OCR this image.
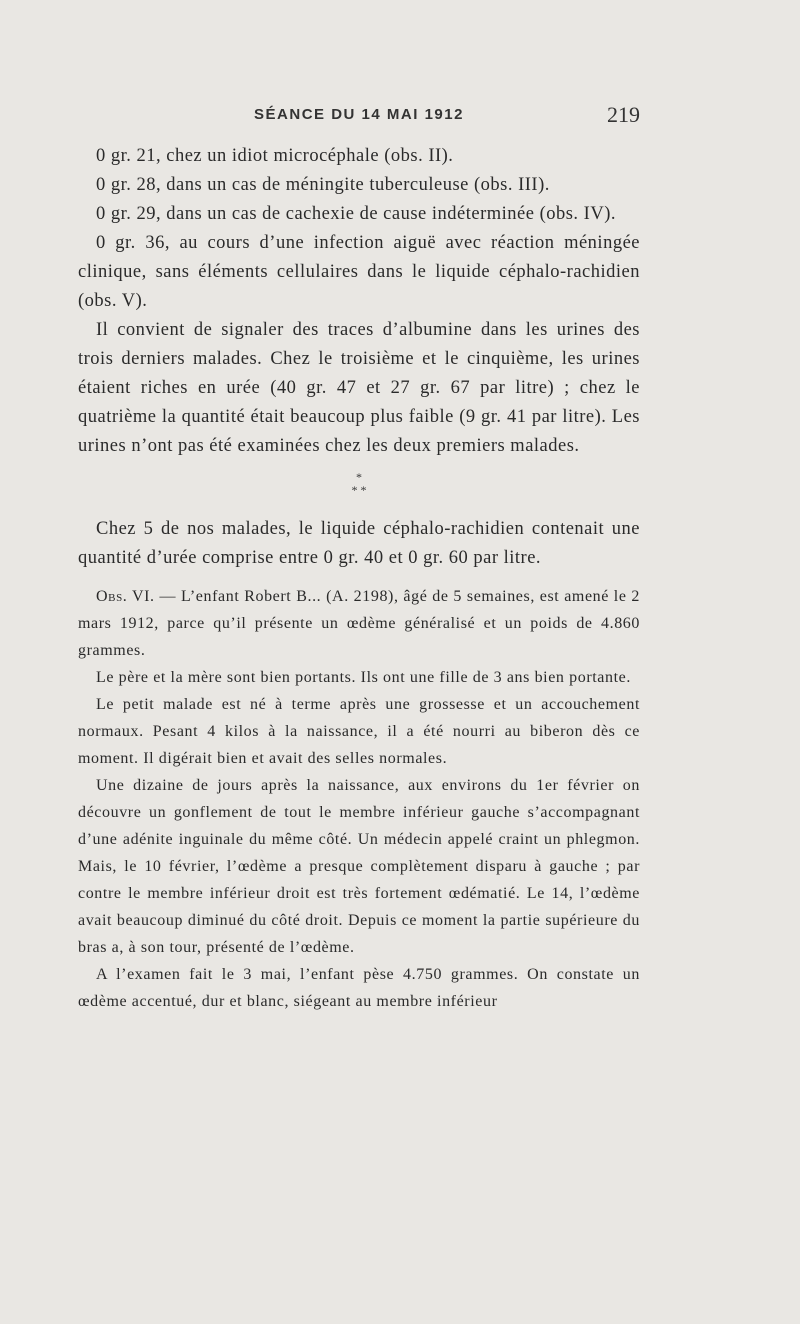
SÉANCE DU 14 MAI 1912	219

0 gr. 21, chez un idiot microcéphale (obs. II).

0 gr. 28, dans un cas de méningite tuberculeuse (obs. III).

0 gr. 29, dans un cas de cachexie de cause indéterminée (obs. IV).

0 gr. 36, au cours d’une infection aiguë avec réaction méningée clinique, sans éléments cellulaires dans le liquide céphalo-rachidien (obs. V).

Il convient de signaler des traces d’albumine dans les urines des trois derniers malades. Chez le troisième et le cinquième, les urines étaient riches en urée (40 gr. 47 et 27 gr. 67 par litre) ; chez le quatrième la quantité était beaucoup plus faible (9 gr. 41 par litre). Les urines n’ont pas été examinées chez les deux premiers malades.

*
* *

Chez 5 de nos malades, le liquide céphalo-rachidien contenait une quantité d’urée comprise entre 0 gr. 40 et 0 gr. 60 par litre.

Obs. VI. — L’enfant Robert B... (A. 2198), âgé de 5 semaines, est amené le 2 mars 1912, parce qu’il présente un œdème généralisé et un poids de 4.860 grammes.

Le père et la mère sont bien portants. Ils ont une fille de 3 ans bien portante.

Le petit malade est né à terme après une grossesse et un accouchement normaux. Pesant 4 kilos à la naissance, il a été nourri au biberon dès ce moment. Il digérait bien et avait des selles normales.

Une dizaine de jours après la naissance, aux environs du 1er février on découvre un gonflement de tout le membre inférieur gauche s’accompagnant d’une adénite inguinale du même côté. Un médecin appelé craint un phlegmon. Mais, le 10 février, l’œdème a presque complètement disparu à gauche ; par contre le membre inférieur droit est très fortement œdématié. Le 14, l’œdème avait beaucoup diminué du côté droit. Depuis ce moment la partie supérieure du bras a, à son tour, présenté de l’œdème.

A l’examen fait le 3 mai, l’enfant pèse 4.750 grammes. On constate un œdème accentué, dur et blanc, siégeant au membre inférieur
